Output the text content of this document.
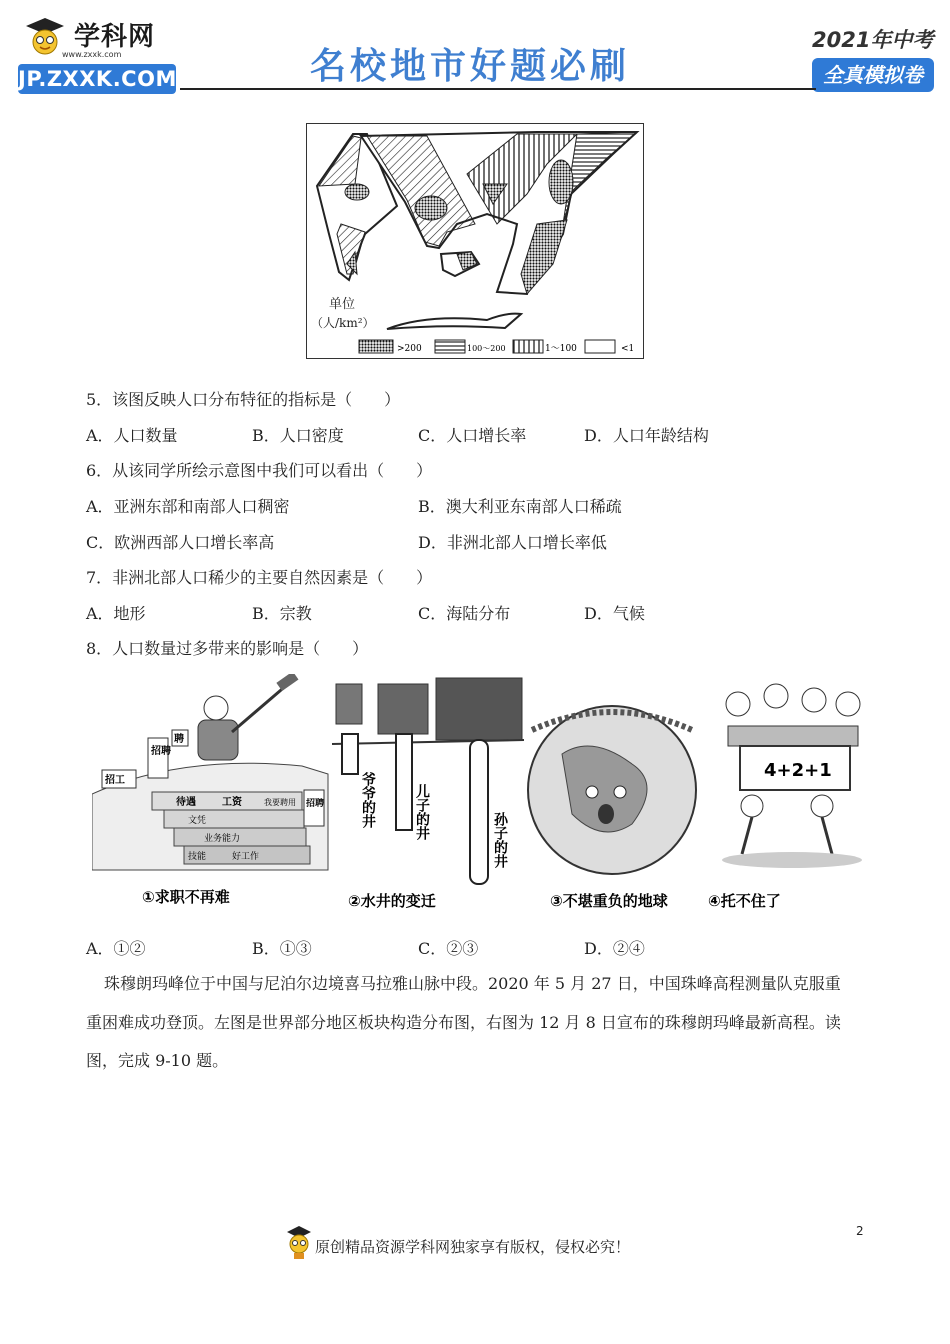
学科网
www.zxxk.com
JP.ZXXK.COM	名校地市好题必刷
2021年中考
全真模拟卷
单位
（人/km²）
>200	100～200	1～100	<1
5．该图反映人口分布特征的指标是（　　）
A．人口数量	B．人口密度	C．人口增长率	D．人口年龄结构
6．从该同学所绘示意图中我们可以看出（　　）
A．亚洲东部和南部人口稠密	B．澳大利亚东南部人口稀疏
C．欧洲西部人口增长率高	D．非洲北部人口增长率低
7．非洲北部人口稀少的主要自然因素是（　　）
A．地形	B．宗教	C．海陆分布	D．气候
8．人口数量过多带来的影响是（　　）
招聘
聘
招工
招聘
待遇	工资	我要聘用
文凭
业务能力
技能	好工作
①求职不再难
爷爷的井	儿子的井	孙子的井
②水井的变迁	③不堪重负的地球
4+2+1
④托不住了
A．①②	B．①③	C．②③	D．②④
珠穆朗玛峰位于中国与尼泊尔边境喜马拉雅山脉中段。2020 年 5 月 27 日，中国珠峰高程测量队克服重
重困难成功登顶。左图是世界部分地区板块构造分布图，右图为 12 月 8 日宣布的珠穆朗玛峰最新高程。读
图，完成 9-10 题。
原创精品资源学科网独家享有版权，侵权必究！
2
